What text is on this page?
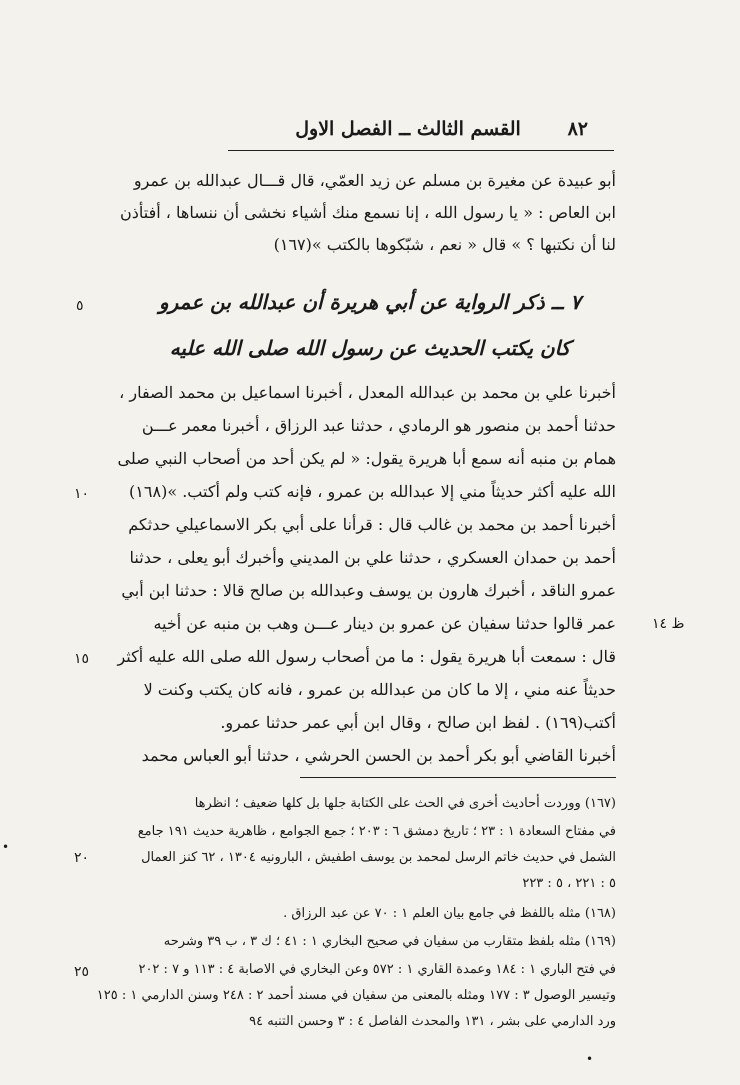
٨٢
القسم الثالث ــ الفصل الاول
أبو عبيدة عن مغيرة بن مسلم عن زيد العمّي، قال قـــال عبدالله بن عمرو
ابن العاص : « يا رسول الله ، إنا نسمع منك أشياء نخشى أن ننساها ، أفتأذن
لنا أن نكتبها ؟ » قال « نعم ، شبّكوها بالكتب »(١٦٧)
٧ ــ ذكر الرواية عن أبي هريرة أن عبدالله بن عمرو
كان يكتب الحديث عن رسول الله صلى الله عليه
أخبرنا علي بن محمد بن عبدالله المعدل ، أخبرنا اسماعيل بن محمد الصفار ،
حدثنا أحمد بن منصور هو الرمادي ، حدثنا عبد الرزاق ، أخبرنا معمر عـــن
همام بن منبه أنه سمع أبا هريرة يقول: « لم يكن أحد من أصحاب النبي صلى
الله عليه أكثر حديثاً مني إلا عبدالله بن عمرو ، فإنه كتب ولم أكتب. »(١٦٨)
أخبرنا أحمد بن محمد بن غالب قال : قرأنا على أبي بكر الاسماعيلي حدثكم
أحمد بن حمدان العسكري ، حدثنا علي بن المديني وأخبرك أبو يعلى ، حدثنا
عمرو الناقد ، أخبرك هارون بن يوسف وعبدالله بن صالح قالا : حدثنا ابن أبي
عمر قالوا حدثنا سفيان عن عمرو بن دينار عـــن وهب بن منبه عن أخيه
قال : سمعت أبا هريرة يقول : ما من أصحاب رسول الله صلى الله عليه أكثر
حديثاً عنه مني ، إلا ما كان من عبدالله بن عمرو ، فانه كان يكتب وكنت لا
أكتب(١٦٩) . لفظ ابن صالح ، وقال ابن أبي عمر حدثنا عمرو.
أخبرنا القاضي أبو بكر أحمد بن الحسن الحرشي ، حدثنا أبو العباس محمد
٥
١٠
١٥
٢٠
٢٥
ظ ١٤
(١٦٧) ووردت أحاديث أخرى في الحث على الكتابة جلها بل كلها ضعيف ؛ انظرها
في مفتاح السعادة ١ : ٢٣ ؛ تاريخ دمشق ٦ : ٢٠٣ ؛ جمع الجوامع ، ظاهرية حديث ١٩١ جامع
الشمل في حديث خاتم الرسل لمحمد بن يوسف اطفيش ، البارونيه ١٣٠٤ ، ٦٢ كنز العمال
٥ : ٢٢١ ، ٥ : ٢٢٣
(١٦٨) مثله باللفظ في جامع بيان العلم ١ : ٧٠ عن عبد الرزاق .
(١٦٩) مثله بلفظ متقارب من سفيان في صحيح البخاري ١ : ٤١ ؛ ك ٣ ، ب ٣٩ وشرحه
في فتح الباري ١ : ١٨٤ وعمدة القاري ١ : ٥٧٢ وعن البخاري في الاصابة ٤ : ١١٣ و ٧ : ٢٠٢
وتيسير الوصول ٣ : ١٧٧ ومثله بالمعنى من سفيان في مسند أحمد ٢ : ٢٤٨ وسنن الدارمي ١ : ١٢٥
ورد الدارمي على بشر ، ١٣١ والمحدث الفاصل ٤ : ٣ وحسن التنبه ٩٤
•
•
